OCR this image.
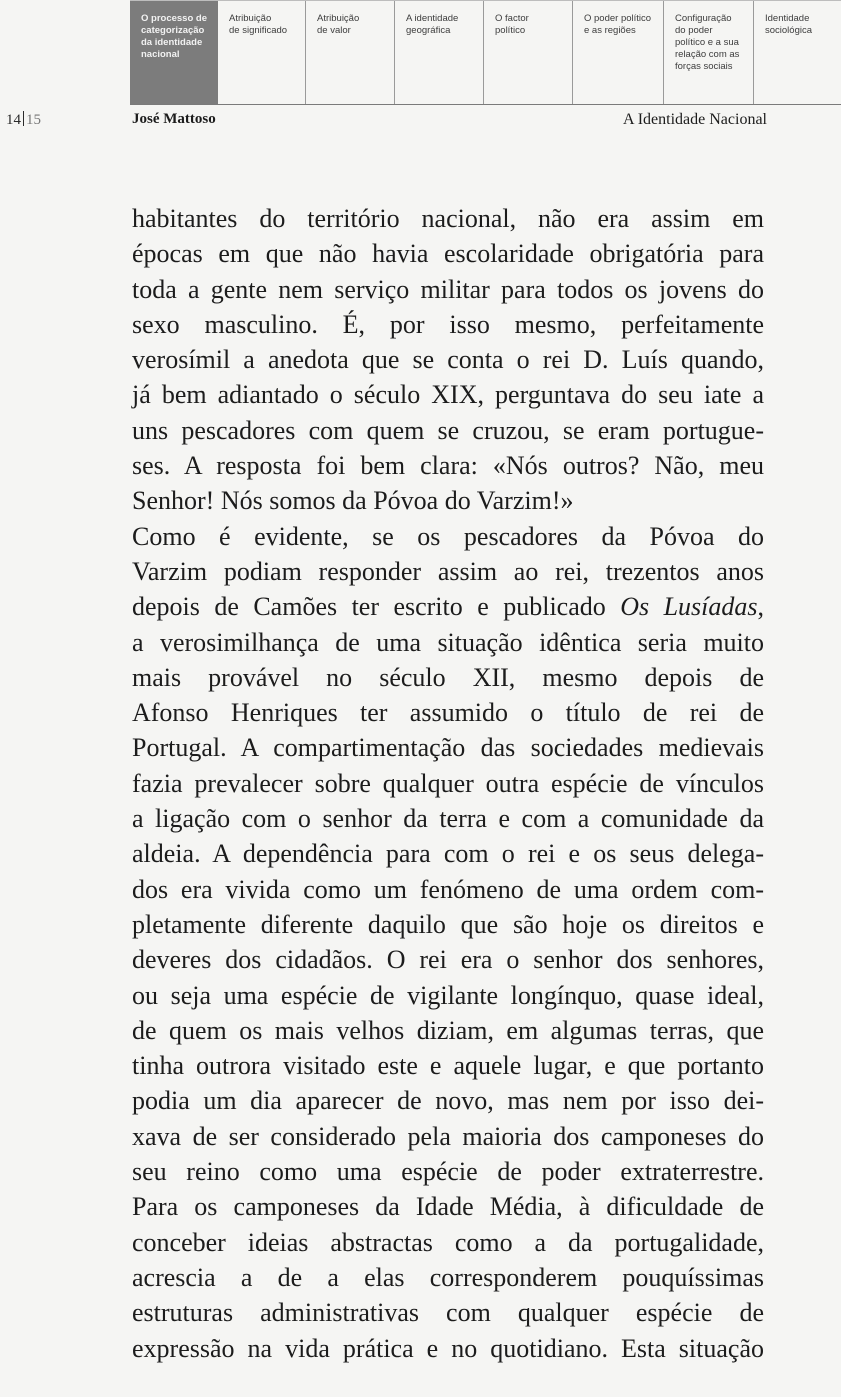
O processo de
categorização
da identidade
nacional
Atribuição
de significado
Atribuição
de valor
A identidade
geográfica
O factor
político
O poder político
e as regiões
Configuração
do poder
político e a sua
relação com as
forças sociais
Identidade
sociológica
14 15	José Mattoso	A Identidade Nacional
habitantes do território nacional, não era assim em
épocas em que não havia escolaridade obrigatória para
toda a gente nem serviço militar para todos os jovens do
sexo masculino. É, por isso mesmo, perfeitamente
verosímil a anedota que se conta o rei D. Luís quando,
já bem adiantado o século XIX, perguntava do seu iate a
uns pescadores com quem se cruzou, se eram portugue-
ses. A resposta foi bem clara: «Nós outros? Não, meu
Senhor! Nós somos da Póvoa do Varzim!»
Como é evidente, se os pescadores da Póvoa do
Varzim podiam responder assim ao rei, trezentos anos
depois de Camões ter escrito e publicado Os Lusíadas,
a verosimilhança de uma situação idêntica seria muito
mais provável no século XII, mesmo depois de
Afonso Henriques ter assumido o título de rei de
Portugal. A compartimentação das sociedades medievais
fazia prevalecer sobre qualquer outra espécie de vínculos
a ligação com o senhor da terra e com a comunidade da
aldeia. A dependência para com o rei e os seus delega-
dos era vivida como um fenómeno de uma ordem com-
pletamente diferente daquilo que são hoje os direitos e
deveres dos cidadãos. O rei era o senhor dos senhores,
ou seja uma espécie de vigilante longínquo, quase ideal,
de quem os mais velhos diziam, em algumas terras, que
tinha outrora visitado este e aquele lugar, e que portanto
podia um dia aparecer de novo, mas nem por isso dei-
xava de ser considerado pela maioria dos camponeses do
seu reino como uma espécie de poder extraterrestre.
Para os camponeses da Idade Média, à dificuldade de
conceber ideias abstractas como a da portugalidade,
acrescia a de a elas corresponderem pouquíssimas
estruturas administrativas com qualquer espécie de
expressão na vida prática e no quotidiano. Esta situação
